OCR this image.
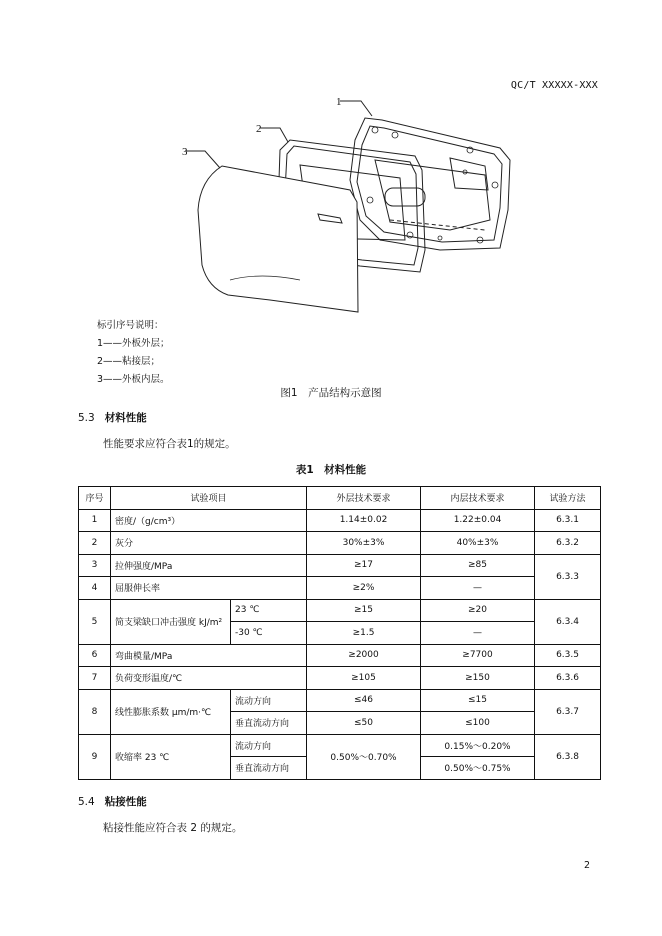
QC/T XXXXX-XXX
1
2
3
标引序号说明：
1——外板外层；
2——粘接层；
3——外板内层。
图1　产品结构示意图
5.3 材料性能
性能要求应符合表1的规定。
表1　材料性能
序号	试验项目		外层技术要求	内层技术要求	试验方法
1	密度/（g/cm³）		1.14±0.02	1.22±0.04	6.3.1
2	灰分		30%±3%	40%±3%	6.3.2
3	拉伸强度/MPa		≥17	≥85	6.3.3
4	屈服伸长率		≥2%	—	
5	简支梁缺口冲击强度 kJ/m²	23 ℃	≥15	≥20	6.3.4
		-30 ℃	≥1.5	—	
6	弯曲模量/MPa		≥2000	≥7700	6.3.5
7	负荷变形温度/℃		≥105	≥150	6.3.6
8	线性膨胀系数 μm/m·℃	流动方向	≤46	≤15	6.3.7
		垂直流动方向	≤50	≤100	
9	收缩率 23 ℃	流动方向	0.50%～0.70%	0.15%～0.20%	6.3.8
		垂直流动方向		0.50%～0.75%	
5.4 粘接性能
粘接性能应符合表 2 的规定。
2
